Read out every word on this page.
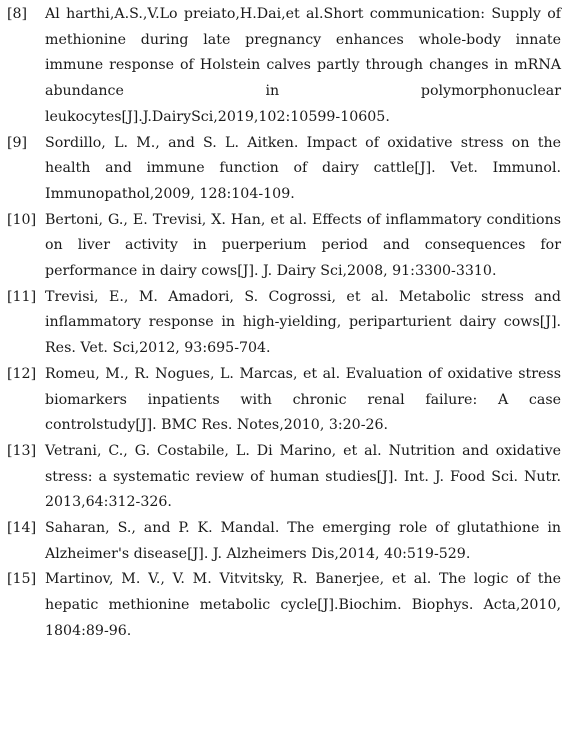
[8]	Al harthi,A.S.,V.Lo preiato,H.Dai,et al.Short communication: Supply of methionine during late pregnancy enhances whole-body innate immune response of Holstein calves partly through changes in mRNA abundance in polymorphonuclear leukocytes[J].J.DairySci,2019,102:10599-10605.
[9]	Sordillo, L. M., and S. L. Aitken. Impact of oxidative stress on the health and immune function of dairy cattle[J]. Vet. Immunol. Immunopathol,2009, 128:104-109.
[10] Bertoni, G., E. Trevisi, X. Han, et al. Effects of inflammatory conditions on liver activity in puerperium period and consequences for performance in dairy cows[J]. J. Dairy Sci,2008, 91:3300-3310.
[11] Trevisi, E., M. Amadori, S. Cogrossi, et al. Metabolic stress and inflammatory response in high-yielding, periparturient dairy cows[J]. Res. Vet. Sci,2012, 93:695-704.
[12] Romeu, M., R. Nogues, L. Marcas, et al. Evaluation of oxidative stress biomarkers inpatients with chronic renal failure: A case controlstudy[J]. BMC Res. Notes,2010, 3:20-26.
[13] Vetrani, C., G. Costabile, L. Di Marino, et al. Nutrition and oxidative stress: a systematic review of human studies[J]. Int. J. Food Sci. Nutr. 2013,64:312-326.
[14] Saharan, S., and P. K. Mandal. The emerging role of glutathione in Alzheimer's disease[J]. J. Alzheimers Dis,2014, 40:519-529.
[15] Martinov, M. V., V. M. Vitvitsky, R. Banerjee, et al. The logic of the hepatic methionine metabolic cycle[J].Biochim. Biophys. Acta,2010, 1804:89-96.
